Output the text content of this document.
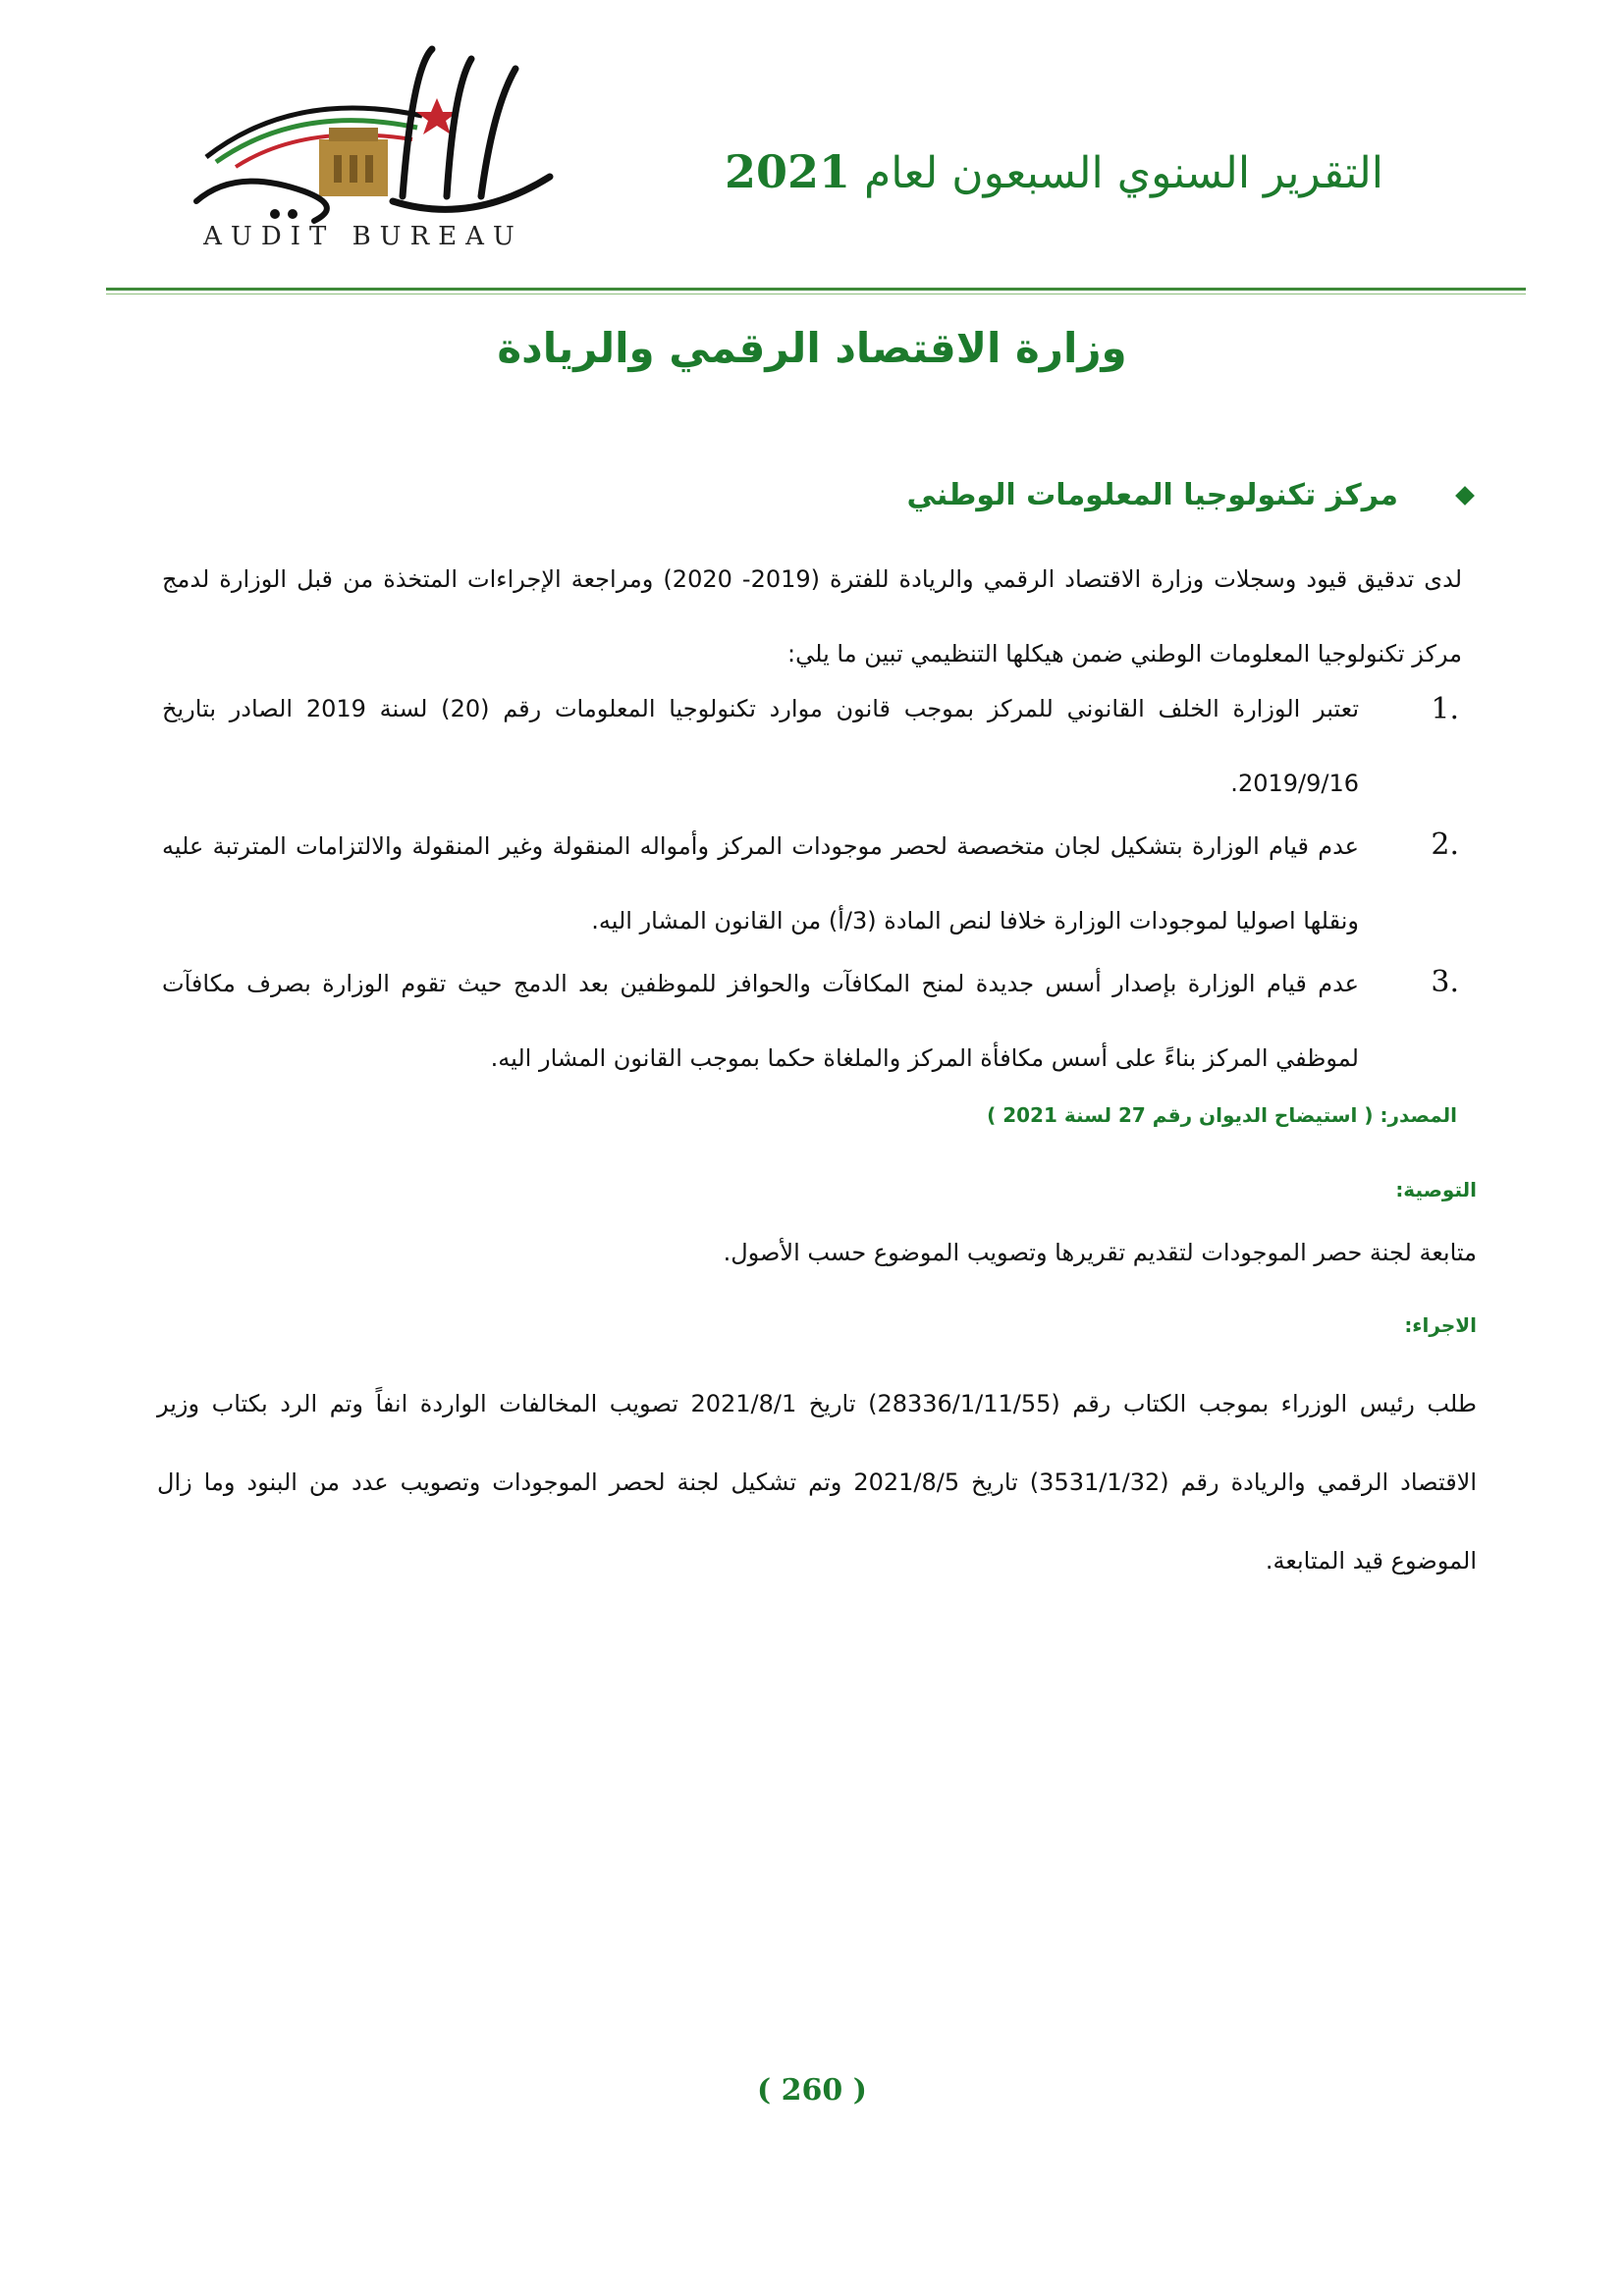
AUDIT BUREAU
التقرير السنوي السبعون لعام 2021
وزارة الاقتصاد الرقمي والريادة
مركز تكنولوجيا المعلومات الوطني
لدى تدقيق قيود وسجلات وزارة الاقتصاد الرقمي والريادة للفترة (2019- 2020) ومراجعة الإجراءات المتخذة من قبل الوزارة لدمج مركز تكنولوجيا المعلومات الوطني ضمن هيكلها التنظيمي تبين ما يلي:
1.
تعتبر الوزارة الخلف القانوني للمركز بموجب قانون موارد تكنولوجيا المعلومات رقم (20) لسنة 2019 الصادر بتاريخ 2019/9/16.
2.
عدم قيام الوزارة بتشكيل لجان متخصصة لحصر موجودات المركز وأمواله المنقولة وغير المنقولة والالتزامات المترتبة عليه ونقلها اصوليا لموجودات الوزارة خلافا لنص المادة (3/أ) من القانون المشار اليه.
3.
عدم قيام الوزارة بإصدار أسس جديدة لمنح المكافآت والحوافز للموظفين بعد الدمج حيث تقوم الوزارة بصرف مكافآت لموظفي المركز بناءً على أسس مكافأة المركز والملغاة حكما بموجب القانون المشار اليه.
المصدر: ( استيضاح الديوان رقم 27 لسنة 2021 )
التوصية:
متابعة لجنة حصر الموجودات لتقديم تقريرها وتصويب الموضوع حسب الأصول.
الاجراء:
طلب رئيس الوزراء بموجب الكتاب رقم (28336/1/11/55) تاريخ 2021/8/1 تصويب المخالفات الواردة انفاً وتم الرد بكتاب وزير الاقتصاد الرقمي والريادة رقم (3531/1/32) تاريخ 2021/8/5 وتم تشكيل لجنة لحصر الموجودات وتصويب عدد من البنود وما زال الموضوع قيد المتابعة.
( 260 )
